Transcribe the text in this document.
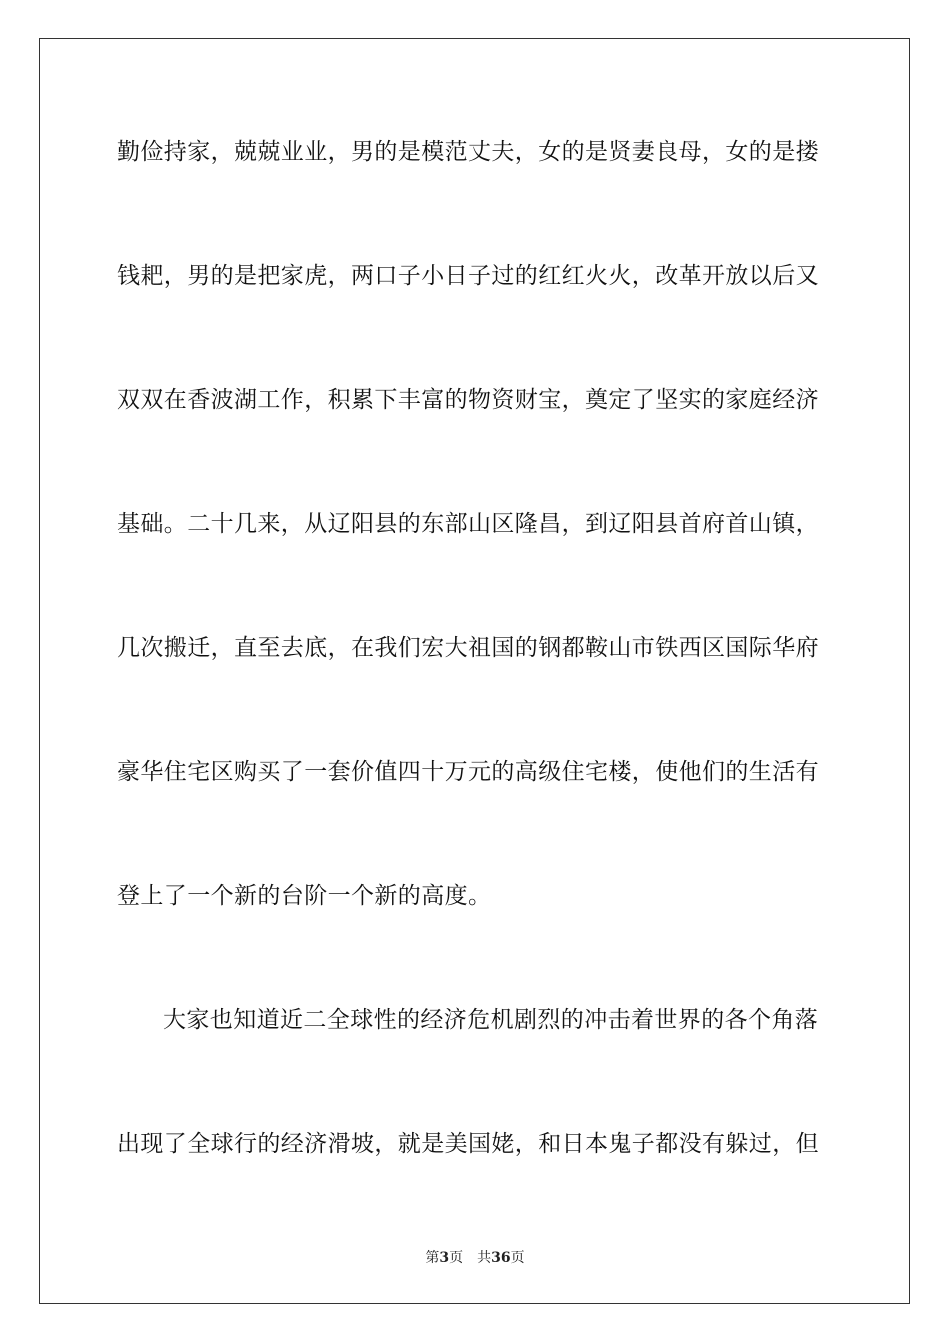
勤俭持家，兢兢业业，男的是模范丈夫，女的是贤妻良母，女的是搂
钱耙，男的是把家虎，两口子小日子过的红红火火，改革开放以后又
双双在香波湖工作，积累下丰富的物资财宝，奠定了坚实的家庭经济
基础。二十几来，从辽阳县的东部山区隆昌，到辽阳县首府首山镇，
几次搬迁，直至去底，在我们宏大祖国的钢都鞍山市铁西区国际华府
豪华住宅区购买了一套价值四十万元的高级住宅楼，使他们的生活有
登上了一个新的台阶一个新的高度。
大家也知道近二全球性的经济危机剧烈的冲击着世界的各个角落
出现了全球行的经济滑坡，就是美国姥，和日本鬼子都没有躲过，但
第3页 共36页
